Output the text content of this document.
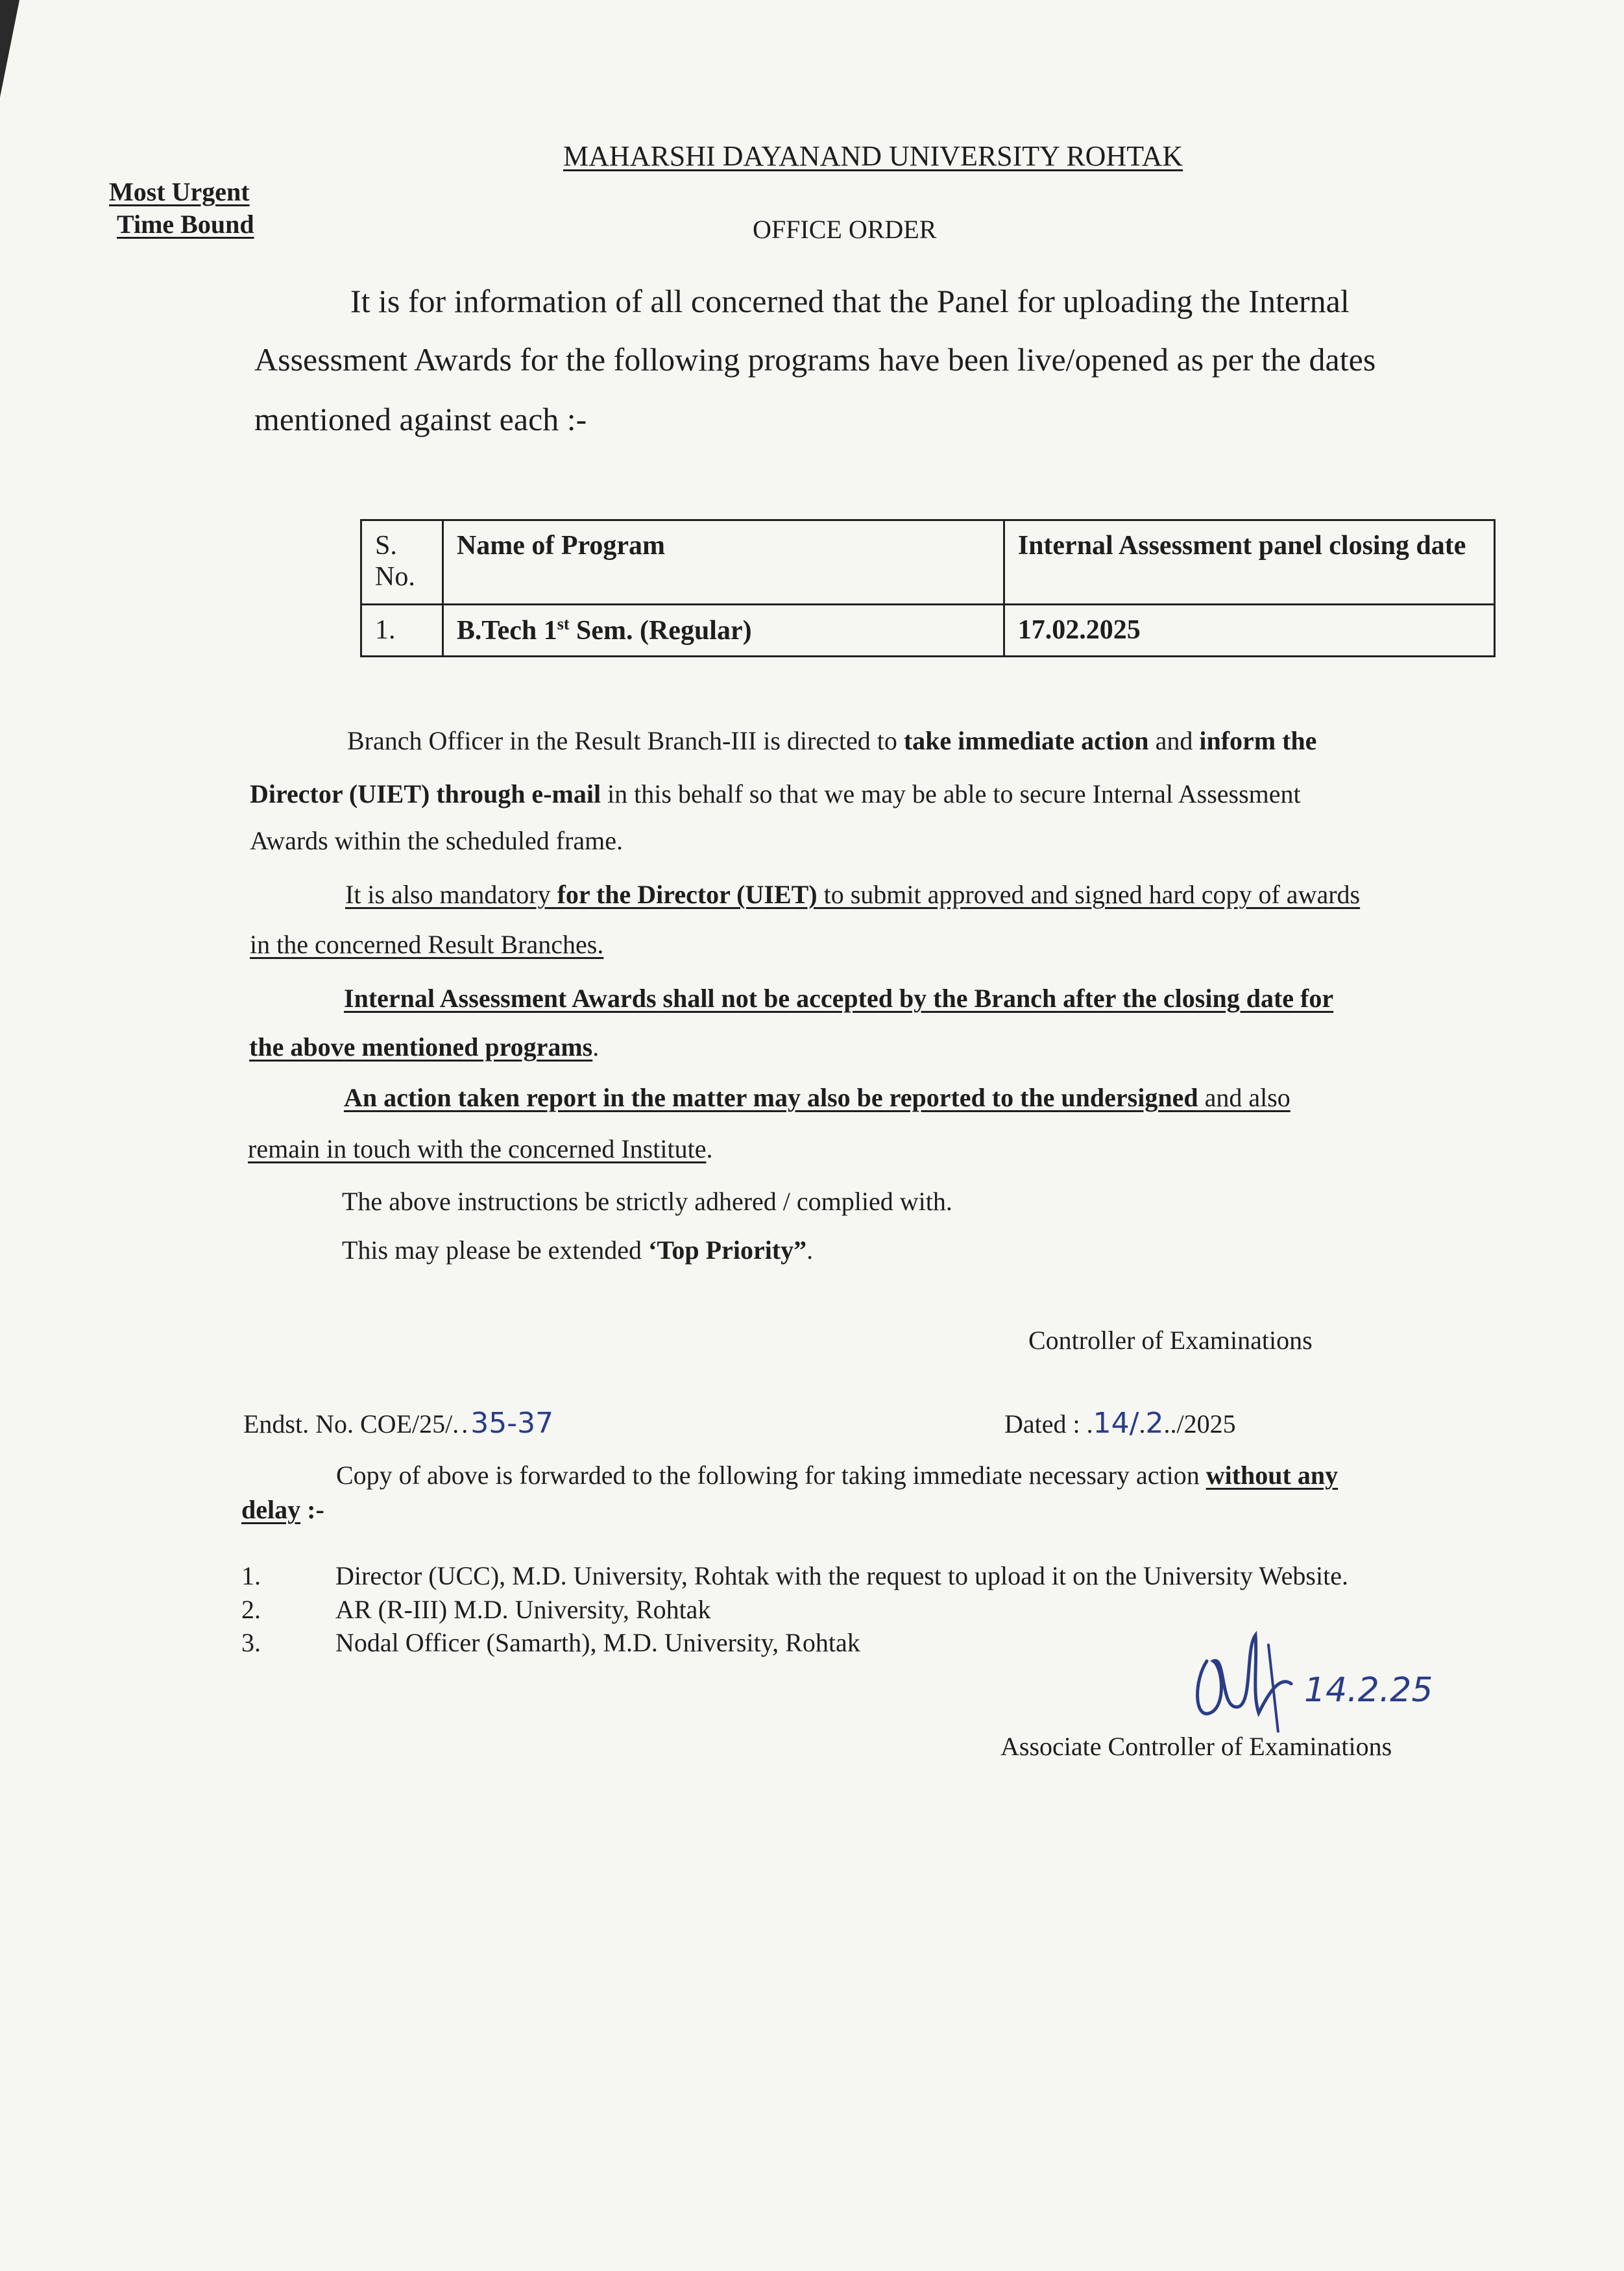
MAHARSHI DAYANAND UNIVERSITY ROHTAK
Most Urgent
Time Bound	OFFICE ORDER
It is for information of all concerned that the Panel for uploading the Internal
Assessment Awards for the following programs have been live/opened as per the dates
mentioned against each :-
S. No.	Name of Program	Internal Assessment panel closing date
1.	B.Tech 1st Sem. (Regular)	17.02.2025
Branch Officer in the Result Branch-III is directed to take immediate action and inform the
Director (UIET) through e-mail in this behalf so that we may be able to secure Internal Assessment
Awards within the scheduled frame.
It is also mandatory for the Director (UIET) to submit approved and signed hard copy of awards
in the concerned Result Branches.
Internal Assessment Awards shall not be accepted by the Branch after the closing date for
the above mentioned programs.
An action taken report in the matter may also be reported to the undersigned and also
remain in touch with the concerned Institute.
The above instructions be strictly adhered / complied with.
This may please be extended ‘Top Priority”.
Controller of Examinations
Endst. No. COE/25/..35-37	Dated : .14/.2../2025
Copy of above is forwarded to the following for taking immediate necessary action without any
delay :-
1.	Director (UCC), M.D. University, Rohtak with the request to upload it on the University Website.
2.	AR (R-III) M.D. University, Rohtak
3.	Nodal Officer (Samarth), M.D. University, Rohtak
14.2.25
Associate Controller of Examinations
